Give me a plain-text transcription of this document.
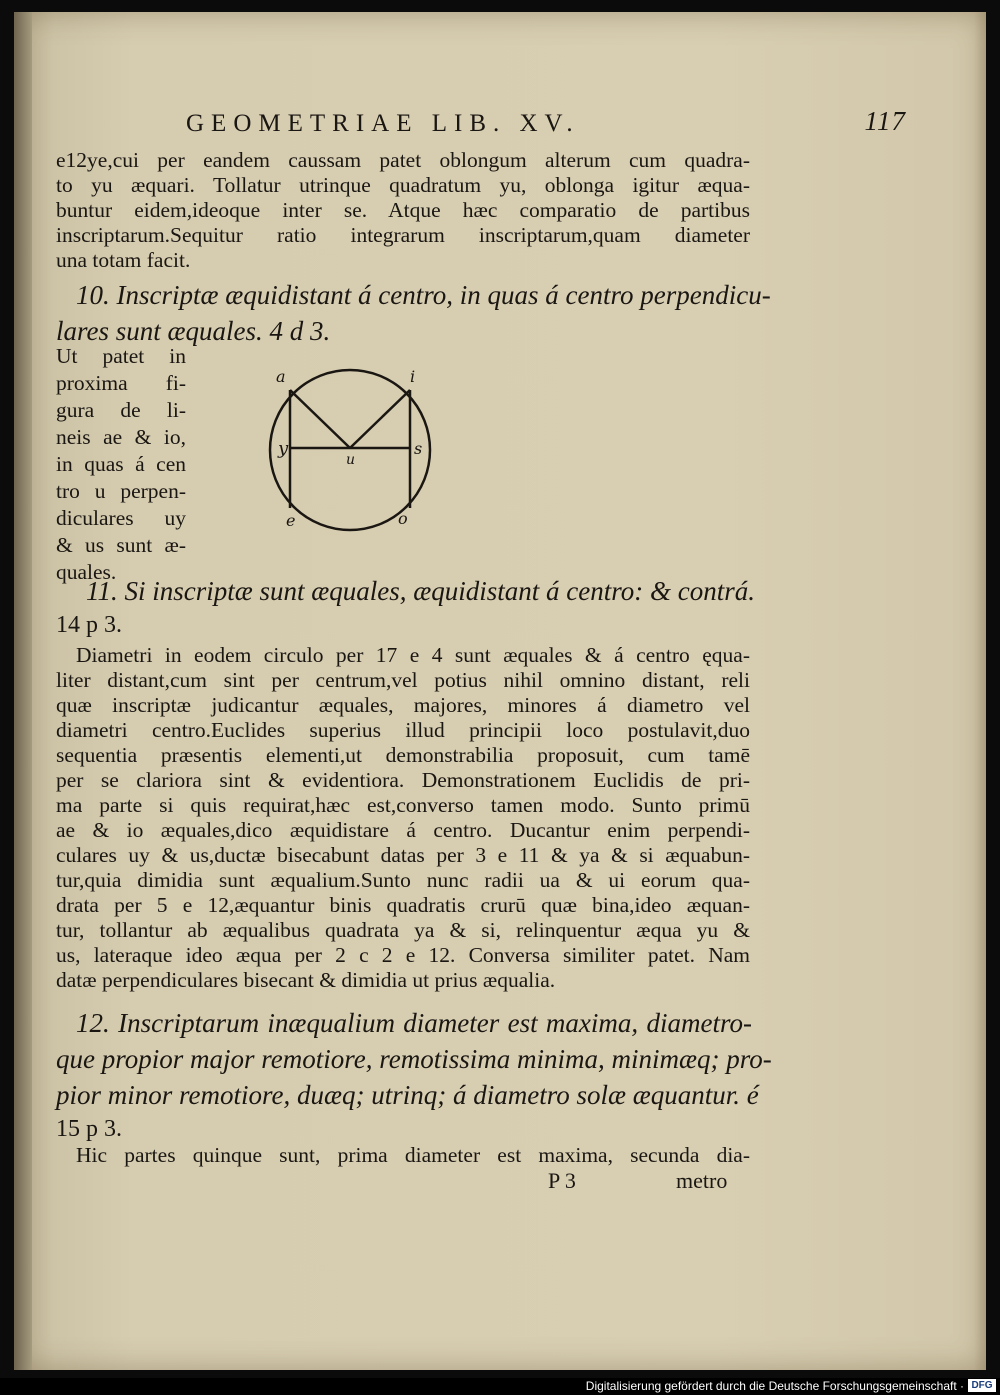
GEOMETRIAE LIB. XV.	117
e12ye,cui per eandem caussam patet oblongum alterum cum quadra-
to yu æquari. Tollatur utrinque quadratum yu, oblonga igitur æqua-
buntur eidem,ideoque inter se. Atque hæc comparatio de partibus
inscriptarum.Sequitur ratio integrarum inscriptarum,quam diameter
una totam facit.
10. Inscriptæ æquidistant á centro, in quas á centro perpendicu-
lares sunt æquales. 4 d 3.
Ut patet in
proxima fi-
gura de li-
neis ae & io,
in quas á cen
tro u perpen-
diculares uy
& us sunt æ-
quales.
a	i
y
u
s
e	o
11. Si inscriptæ sunt æquales, æquidistant á centro: & contrá.
14 p 3.
Diametri in eodem circulo per 17 e 4 sunt æquales & á centro ęqua-
liter distant,cum sint per centrum,vel potius nihil omnino distant, reli
quæ inscriptæ judicantur æquales, majores, minores á diametro vel
diametri centro.Euclides superius illud principii loco postulavit,duo
sequentia præsentis elementi,ut demonstrabilia proposuit, cum tamē
per se clariora sint & evidentiora. Demonstrationem Euclidis de pri-
ma parte si quis requirat,hæc est,converso tamen modo. Sunto primū
ae & io æquales,dico æquidistare á centro. Ducantur enim perpendi-
culares uy & us,ductæ bisecabunt datas per 3 e 11 & ya & si æquabun-
tur,quia dimidia sunt æqualium.Sunto nunc radii ua & ui eorum qua-
drata per 5 e 12,æquantur binis quadratis crurū quæ bina,ideo æquan-
tur, tollantur ab æqualibus quadrata ya & si, relinquentur æqua yu &
us, lateraque ideo æqua per 2 c 2 e 12. Conversa similiter patet. Nam
datæ perpendiculares bisecant & dimidia ut prius æqualia.
12. Inscriptarum inæqualium diameter est maxima, diametro-
que propior major remotiore, remotissima minima, minimæq; pro-
pior minor remotiore, duæq; utrinq; á diametro solæ æquantur. é
15 p 3.
Hic partes quinque sunt, prima diameter est maxima, secunda dia-
P 3	metro
Digitalisierung gefördert durch die Deutsche Forschungsgemeinschaft · DFG
